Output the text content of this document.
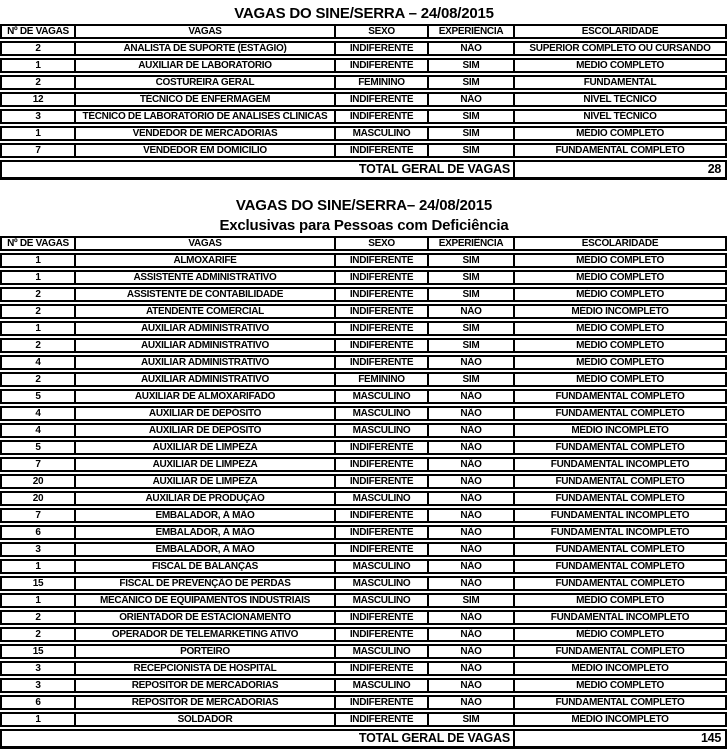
VAGAS DO SINE/SERRA – 24/08/2015
Nº DE VAGAS	VAGAS	SEXO	EXPERIÊNCIA	ESCOLARIDADE
2	ANALISTA DE SUPORTE (ESTÁGIO)	INDIFERENTE	NÃO	SUPERIOR COMPLETO OU CURSANDO
1	AUXILIAR DE LABORATÓRIO	INDIFERENTE	SIM	MÉDIO COMPLETO
2	COSTUREIRA GERAL	FEMININO	SIM	FUNDAMENTAL
12	TÉCNICO DE ENFERMAGEM	INDIFERENTE	NÃO	NÍVEL TÉCNICO
3	TÉCNICO DE LABORATÓRIO DE ANÁLISES CLINICAS	INDIFERENTE	SIM	NÍVEL TÉCNICO
1	VENDEDOR DE MERCADORIAS	MASCULINO	SIM	MÉDIO COMPLETO
7	VENDEDOR EM DOMICILIO	INDIFERENTE	SIM	FUNDAMENTAL COMPLETO
TOTAL GERAL DE VAGAS				28
VAGAS DO SINE/SERRA– 24/08/2015
Exclusivas para Pessoas com Deficiência
Nº DE VAGAS	VAGAS	SEXO	EXPERIÊNCIA	ESCOLARIDADE
1	ALMOXARIFE	INDIFERENTE	SIM	MÉDIO COMPLETO
1	ASSISTENTE ADMINISTRATIVO	INDIFERENTE	SIM	MÉDIO COMPLETO
2	ASSISTENTE DE CONTABILIDADE	INDIFERENTE	SIM	MÉDIO COMPLETO
2	ATENDENTE COMERCIAL	INDIFERENTE	NÃO	MÉDIO INCOMPLETO
1	AUXILIAR ADMINISTRATIVO	INDIFERENTE	SIM	MÉDIO COMPLETO
2	AUXILIAR ADMINISTRATIVO	INDIFERENTE	SIM	MÉDIO COMPLETO
4	AUXILIAR ADMINISTRATIVO	INDIFERENTE	NÃO	MÉDIO COMPLETO
2	AUXILIAR ADMINISTRATIVO	FEMININO	SIM	MÉDIO COMPLETO
5	AUXILIAR DE ALMOXARIFADO	MASCULINO	NÃO	FUNDAMENTAL COMPLETO
4	AUXILIAR DE DEPÓSITO	MASCULINO	NÃO	FUNDAMENTAL COMPLETO
4	AUXILIAR DE DEPÓSITO	MASCULINO	NÃO	MÉDIO INCOMPLETO
5	AUXILIAR DE LIMPEZA	INDIFERENTE	NÃO	FUNDAMENTAL COMPLETO
7	AUXILIAR DE LIMPEZA	INDIFERENTE	NÃO	FUNDAMENTAL INCOMPLETO
20	AUXILIAR DE LIMPEZA	INDIFERENTE	NÃO	FUNDAMENTAL COMPLETO
20	AUXILIAR DE PRODUÇÃO	MASCULINO	NÃO	FUNDAMENTAL COMPLETO
7	EMBALADOR, Á MÃO	INDIFERENTE	NÃO	FUNDAMENTAL INCOMPLETO
6	EMBALADOR, Á MÃO	INDIFERENTE	NÃO	FUNDAMENTAL INCOMPLETO
3	EMBALADOR, Á MÃO	INDIFERENTE	NÃO	FUNDAMENTAL COMPLETO
1	FISCAL DE BALANÇAS	MASCULINO	NÃO	FUNDAMENTAL COMPLETO
15	FISCAL DE PREVENÇÃO DE PERDAS	MASCULINO	NÃO	FUNDAMENTAL COMPLETO
1	MECÂNICO DE EQUIPAMENTOS INDUSTRIAIS	MASCULINO	SIM	MÉDIO COMPLETO
2	ORIENTADOR DE ESTACIONAMENTO	INDIFERENTE	NÃO	FUNDAMENTAL INCOMPLETO
2	OPERADOR DE TELEMARKETING ATIVO	INDIFERENTE	NÃO	MÉDIO COMPLETO
15	PORTEIRO	MASCULINO	NÃO	FUNDAMENTAL COMPLETO
3	RECEPCIONISTA DE HOSPITAL	INDIFERENTE	NÃO	MÉDIO INCOMPLETO
3	REPOSITOR DE MERCADORIAS	MASCULINO	NÃO	MÉDIO COMPLETO
6	REPOSITOR DE MERCADORIAS	INDIFERENTE	NÃO	FUNDAMENTAL COMPLETO
1	SOLDADOR	INDIFERENTE	SIM	MÉDIO INCOMPLETO
TOTAL GERAL DE VAGAS				145
